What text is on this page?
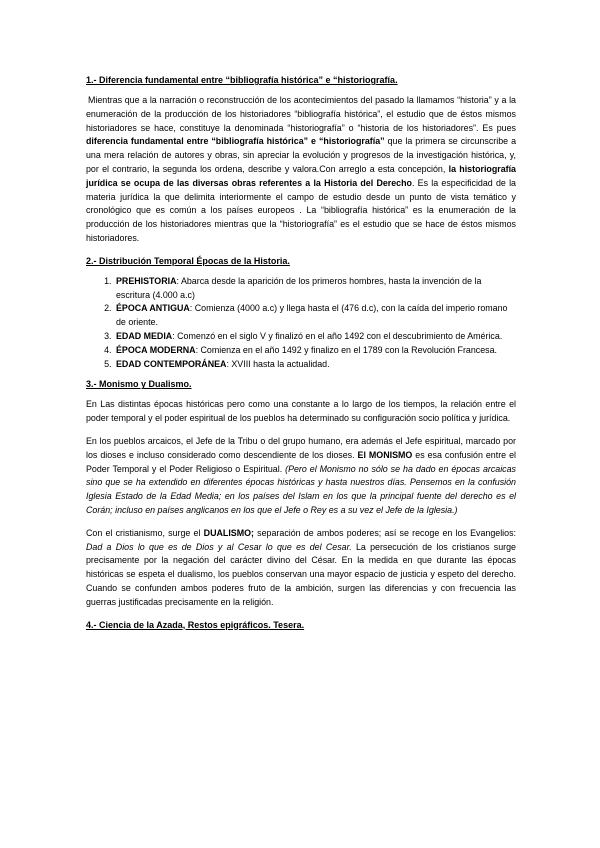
1.- Diferencia fundamental entre “bibliografía histórica” e “historiografía.

Mientras que a la narración o reconstrucción de los acontecimientos del pasado la llamamos “historia” y a la enumeración de la producción de los historiadores “bibliografía histórica”, el estudio que de éstos mismos historiadores se hace, constituye la denominada “historiografía” o “historia de los historiadores”. Es pues diferencia fundamental entre “bibliografía histórica” e “historiografía” que la primera se circunscribe a una mera relación de autores y obras, sin apreciar la evolución y progresos de la investigación histórica, y, por el contrario, la segunda los ordena, describe y valora.Con arreglo a esta concepción, la historiografía jurídica se ocupa de las diversas obras referentes a la Historia del Derecho. Es la especificidad de la materia jurídica la que delimita interiormente el campo de estudio desde un punto de vista temático y cronológico que es común a los países europeos . La “bibliografía histórica” es la enumeración de la producción de los historiadores mientras que la “historiografía” es el estudio que se hace de éstos mismos historiadores.

2.- Distribución Temporal Épocas de la Historia.
1. PREHISTORIA: Abarca desde la aparición de los primeros hombres, hasta la invención de la escritura (4.000 a.c)
2. ÉPOCA ANTIGUA: Comienza (4000 a.c) y llega hasta el (476 d.c), con la caída del imperio romano de oriente.
3. EDAD MEDIA: Comenzó en el siglo V y finalizó en el año 1492 con el descubrimiento de América.
4. ÉPOCA MODERNA: Comienza en el año 1492 y finalizo en el 1789 con la Revolución Francesa.
5. EDAD CONTEMPORÁNEA: XVIII hasta la actualidad.
3.- Monismo y Dualismo.

En Las distintas épocas históricas pero como una constante a lo largo de los tiempos, la relación entre el poder temporal y el poder espiritual de los pueblos ha determinado su configuración socio política y jurídica.

En los pueblos arcaicos, el Jefe de la Tribu o del grupo humano, era además el Jefe espiritual, marcado por los dioses e incluso considerado como descendiente de los dioses. El MONISMO es esa confusión entre el Poder Temporal y el Poder Religioso o Espiritual. (Pero el Monismo no sólo se ha dado en épocas arcaicas sino que se ha extendido en diferentes épocas históricas y hasta nuestros días. Pensemos en la confusión Iglesia Estado de la Edad Media; en los países del Islam en los que la principal fuente del derecho es el Corán; incluso en países anglicanos en los que el Jefe o Rey es a su vez el Jefe de la Iglesia.)

Con el cristianismo, surge el DUALISMO; separación de ambos poderes; así se recoge en los Evangelios: Dad a Dios lo que es de Dios y al Cesar lo que es del Cesar. La persecución de los cristianos surge precisamente por la negación del carácter divino del César. En la medida en que durante las épocas históricas se espeta el dualismo, los pueblos conservan una mayor espacio de justicia y espeto del derecho. Cuando se confunden ambos poderes fruto de la ambición, surgen las diferencias y con frecuencia las guerras justificadas precisamente en la religión.

4.- Ciencia de la Azada, Restos epigráficos. Tesera.
